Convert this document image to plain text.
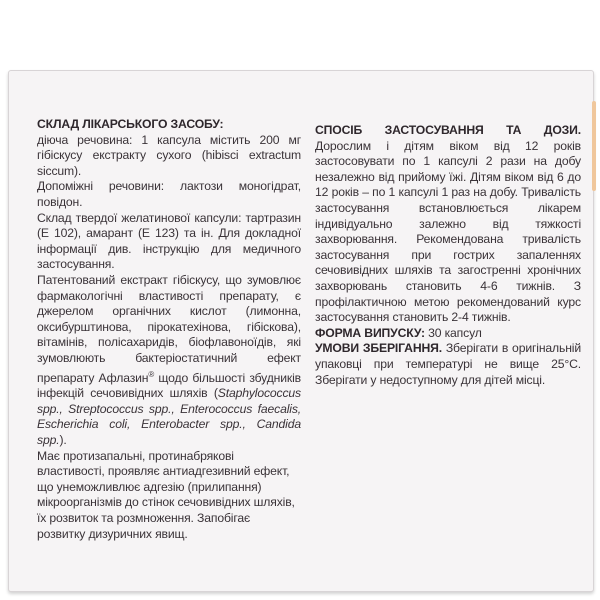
СКЛАД ЛІКАРСЬКОГО ЗАСОБУ:
діюча речовина: 1 капсула містить 200 мг гібіскусу екстракту сухого (hibisci extractum siccum).

Допоміжні речовини: лактози моногідрат, повідон.

Склад твердої желатинової капсули: тартразин (Е 102), амарант (Е 123) та ін. Для докладної інформації див. інструкцію для медичного застосування.

Патентований екстракт гібіскусу, що зумовлює фармакологічні властивості препарату, є джерелом органічних кислот (лимонна, оксибурштинова, пірокатехінова, гібіскова), вітамінів, полісахаридів, біофлавоноїдів, які зумовлюють бактеріостатичний ефект препарату Афлазин® щодо більшості збудників інфекцій сечовивідних шляхів (Staphylococcus spp., Streptococcus spp., Enterococcus faecalis, Escherichia coli, Enterobacter spp., Candida spp.).

Має протизапальні, протинабрякові властивості, проявляє антиадгезивний ефект, що унеможливлює адгезію (прилипання) мікроорганізмів до стінок сечовивідних шляхів, їх розвиток та розмноження. Запобігає розвитку дизуричних явищ.

СПОСІБ ЗАСТОСУВАННЯ ТА ДОЗИ. Дорослим і дітям віком від 12 років застосовувати по 1 капсулі 2 рази на добу незалежно від прийому їжі. Дітям віком від 6 до 12 років – по 1 капсулі 1 раз на добу. Тривалість застосування встановлюється лікарем індивідуально залежно від тяжкості захворювання. Рекомендована тривалість застосування при гострих запаленнях сечовивідних шляхів та загостренні хронічних захворювань становить 4-6 тижнів. З профілактичною метою рекомендований курс застосування становить 2-4 тижнів.

ФОРМА ВИПУСКУ: 30 капсул

УМОВИ ЗБЕРІГАННЯ. Зберігати в оригінальній упаковці при температурі не вище 25°С. Зберігати у недоступному для дітей місці.
